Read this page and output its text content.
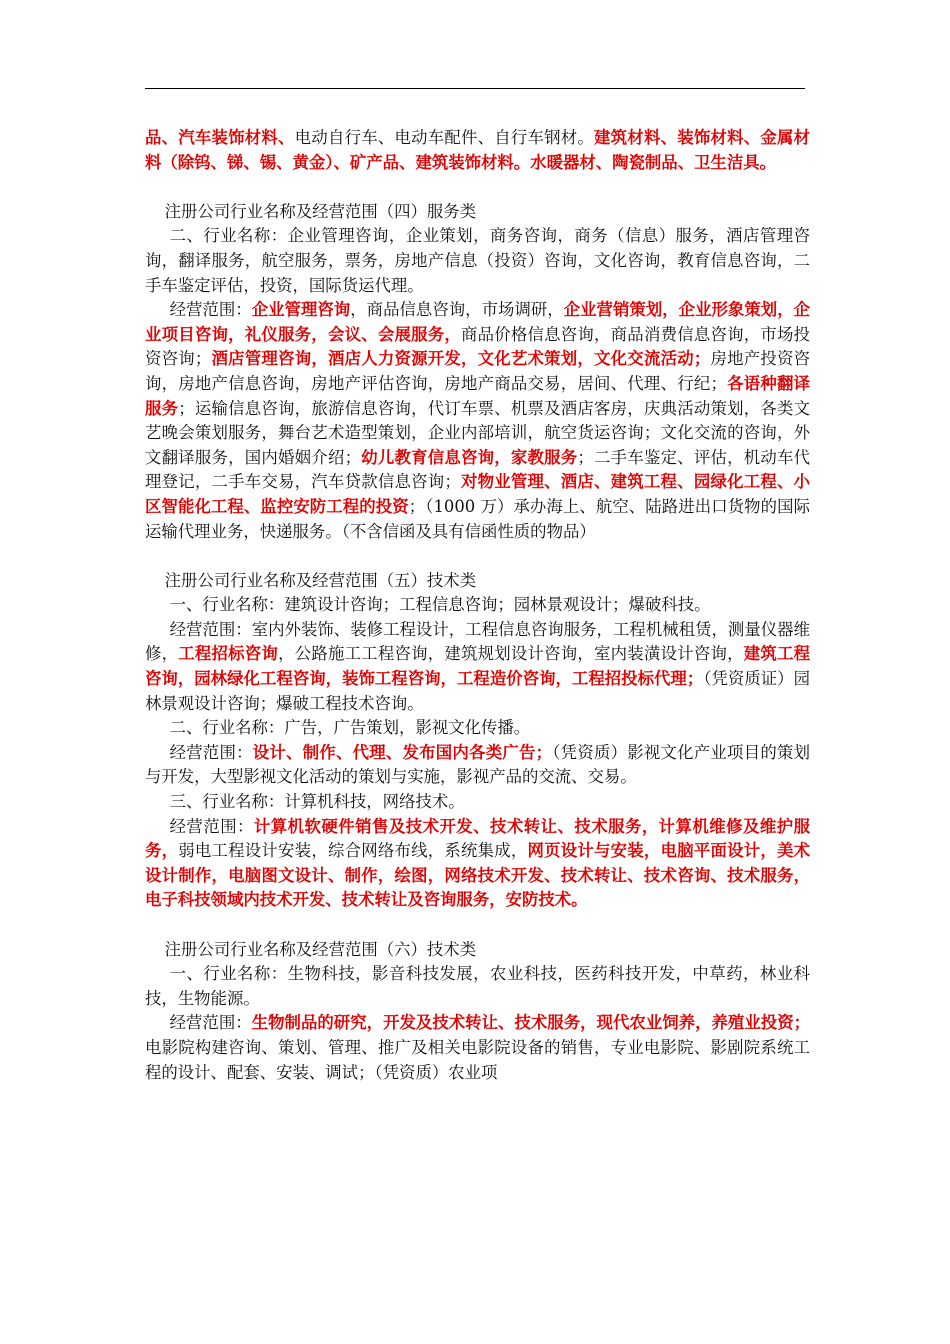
品、汽车装饰材料、电动自行车、电动车配件、自行车钢材。建筑材料、装饰材料、金属材料（除钨、锑、锡、黄金）、矿产品、建筑装饰材料。水暖器材、陶瓷制品、卫生洁具。

注册公司行业名称及经营范围（四）服务类

二、行业名称：企业管理咨询，企业策划，商务咨询，商务（信息）服务，酒店管理咨询，翻译服务，航空服务，票务，房地产信息（投资）咨询，文化咨询，教育信息咨询，二手车鉴定评估，投资，国际货运代理。

经营范围：企业管理咨询，商品信息咨询，市场调研，企业营销策划，企业形象策划，企业项目咨询，礼仪服务，会议、会展服务，商品价格信息咨询，商品消费信息咨询，市场投资咨询；酒店管理咨询，酒店人力资源开发，文化艺术策划，文化交流活动；房地产投资咨询，房地产信息咨询，房地产评估咨询，房地产商品交易，居间、代理、行纪；各语种翻译服务；运输信息咨询，旅游信息咨询，代订车票、机票及酒店客房，庆典活动策划，各类文艺晚会策划服务，舞台艺术造型策划，企业内部培训，航空货运咨询；文化交流的咨询，外文翻译服务，国内婚姻介绍；幼儿教育信息咨询，家教服务；二手车鉴定、评估，机动车代理登记，二手车交易，汽车贷款信息咨询；对物业管理、酒店、建筑工程、园绿化工程、小区智能化工程、监控安防工程的投资；（1000 万）承办海上、航空、陆路进出口货物的国际运输代理业务，快递服务。（不含信函及具有信函性质的物品）

注册公司行业名称及经营范围（五）技术类

一、行业名称：建筑设计咨询；工程信息咨询；园林景观设计；爆破科技。

经营范围：室内外装饰、装修工程设计，工程信息咨询服务，工程机械租赁，测量仪器维修，工程招标咨询，公路施工工程咨询，建筑规划设计咨询，室内装潢设计咨询，建筑工程咨询，园林绿化工程咨询，装饰工程咨询，工程造价咨询，工程招投标代理；（凭资质证）园林景观设计咨询；爆破工程技术咨询。

二、行业名称：广告，广告策划，影视文化传播。

经营范围：设计、制作、代理、发布国内各类广告；（凭资质）影视文化产业项目的策划与开发，大型影视文化活动的策划与实施，影视产品的交流、交易。

三、行业名称：计算机科技，网络技术。

经营范围：计算机软硬件销售及技术开发、技术转让、技术服务，计算机维修及维护服务，弱电工程设计安装，综合网络布线，系统集成，网页设计与安装，电脑平面设计，美术设计制作，电脑图文设计、制作，绘图，网络技术开发、技术转让、技术咨询、技术服务，电子科技领域内技术开发、技术转让及咨询服务，安防技术。

注册公司行业名称及经营范围（六）技术类

一、行业名称：生物科技，影音科技发展，农业科技，医药科技开发，中草药，林业科技，生物能源。

经营范围：生物制品的研究，开发及技术转让、技术服务，现代农业饲养，养殖业投资；电影院构建咨询、策划、管理、推广及相关电影院设备的销售，专业电影院、影剧院系统工程的设计、配套、安装、调试；（凭资质）农业项
